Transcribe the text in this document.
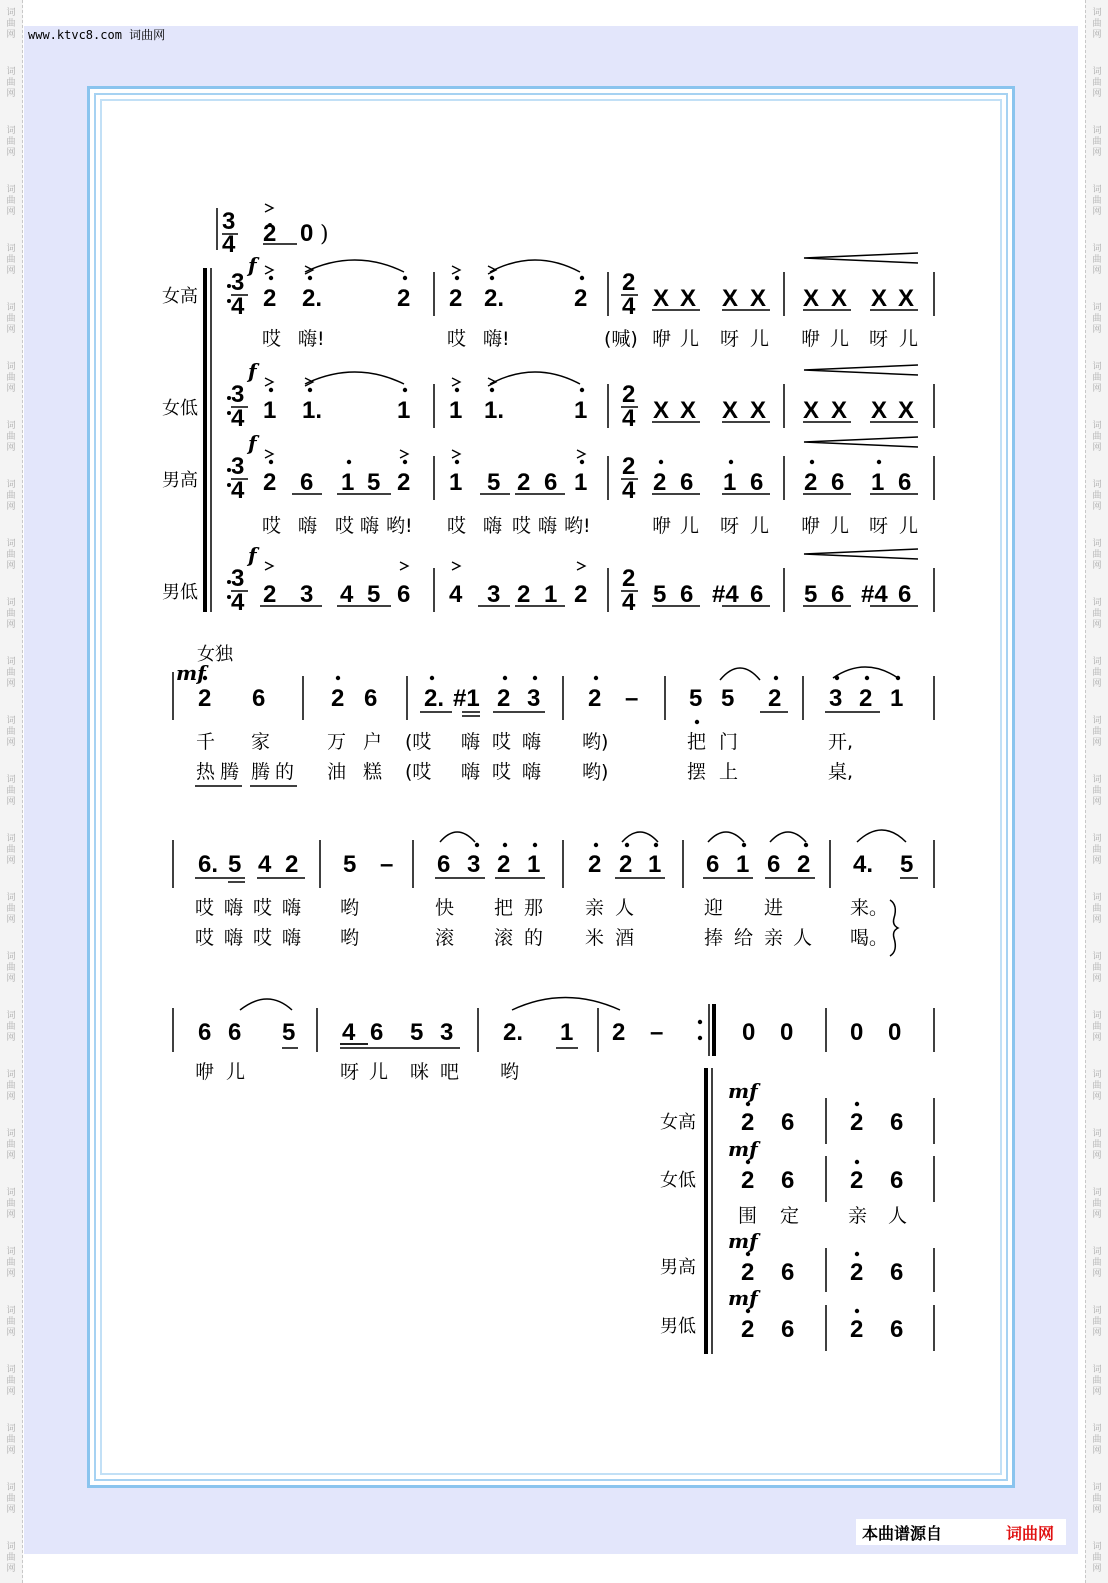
词
曲
网
词
曲
网
词
曲
网
词
曲
网
词
曲
网
词
曲
网
词
曲
网
词
曲
网
词
曲
网
词
曲
网
词
曲
网
词
曲
网
词
曲
网
词
曲
网
词
曲
网
词
曲
网
词
曲
网
词
曲
网
词
曲
网
词
曲
网
词
曲
网
词
曲
网
词
曲
网
词
曲
网
词
曲
网
词
曲
网
词
曲
网
词
曲
网
词
曲
网
词
曲
网
词
曲
网
词
曲
网
词
曲
网
词
曲
网
词
曲
网
词
曲
网
词
曲
网
词
曲
网
词
曲
网
词
曲
网
词
曲
网
词
曲
网
词
曲
网
词
曲
网
词
曲
网
词
曲
网
词
曲
网
词
曲
网
词
曲
网
词
曲
网
词
曲
网
词
曲
网
词
曲
网
词
曲
网
www.ktvc8.com 词曲网
3
4 2 0 )
女高
f
3
4 2 2.	2 2 2.	2
2
4 X X X X X X X X
哎 嗨!	哎 嗨!	(喊) 咿 儿 呀 儿 咿 儿 呀 儿
女低
f
3
4 1 1.	1 1 1.	1
2
4 X X X X X X X X
男高
f
3
4 2 6 1 5 2 1 5 2 6 1
2
4 2 6 1 6 2 6 1 6
哎 嗨 哎 嗨 哟! 哎 嗨 哎 嗨 哟!	咿 儿 呀 儿 咿 儿 呀 儿
男低
f
3
4 2 3 4 5 6 4 3 2 1 2
2
4 5 6 #4 6 5 6 #4 6
女独
mf
2 6	2 6 2. #1 2 3 2 – 5 5 2 3 2 1
千 家	万 户 (哎 嗨 哎 嗨 哟)	把 门	开,
热 腾 腾 的 油 糕 (哎 嗨 哎 嗨 哟)	摆 上	桌,
6. 5 4 2 5 – 6 3 2 1 2 2 1 6 1 6 2 4. 5
哎 嗨 哎 嗨 哟	快 把 那 亲 人	迎 进	来。
哎 嗨 哎 嗨 哟	滚 滚 的 米 酒	捧 给 亲 人 喝。
6 6 5 4 6 5 3 2. 1 2 –	0 0 0 0
咿 儿	呀 儿 咪 吧 哟
女高
mf
2 6 2 6
女低
mf
2 6 2 6
围 定	亲 人
男高
mf
2 6 2 6
男低
mf
2 6 2 6
本曲谱源自	词曲网
